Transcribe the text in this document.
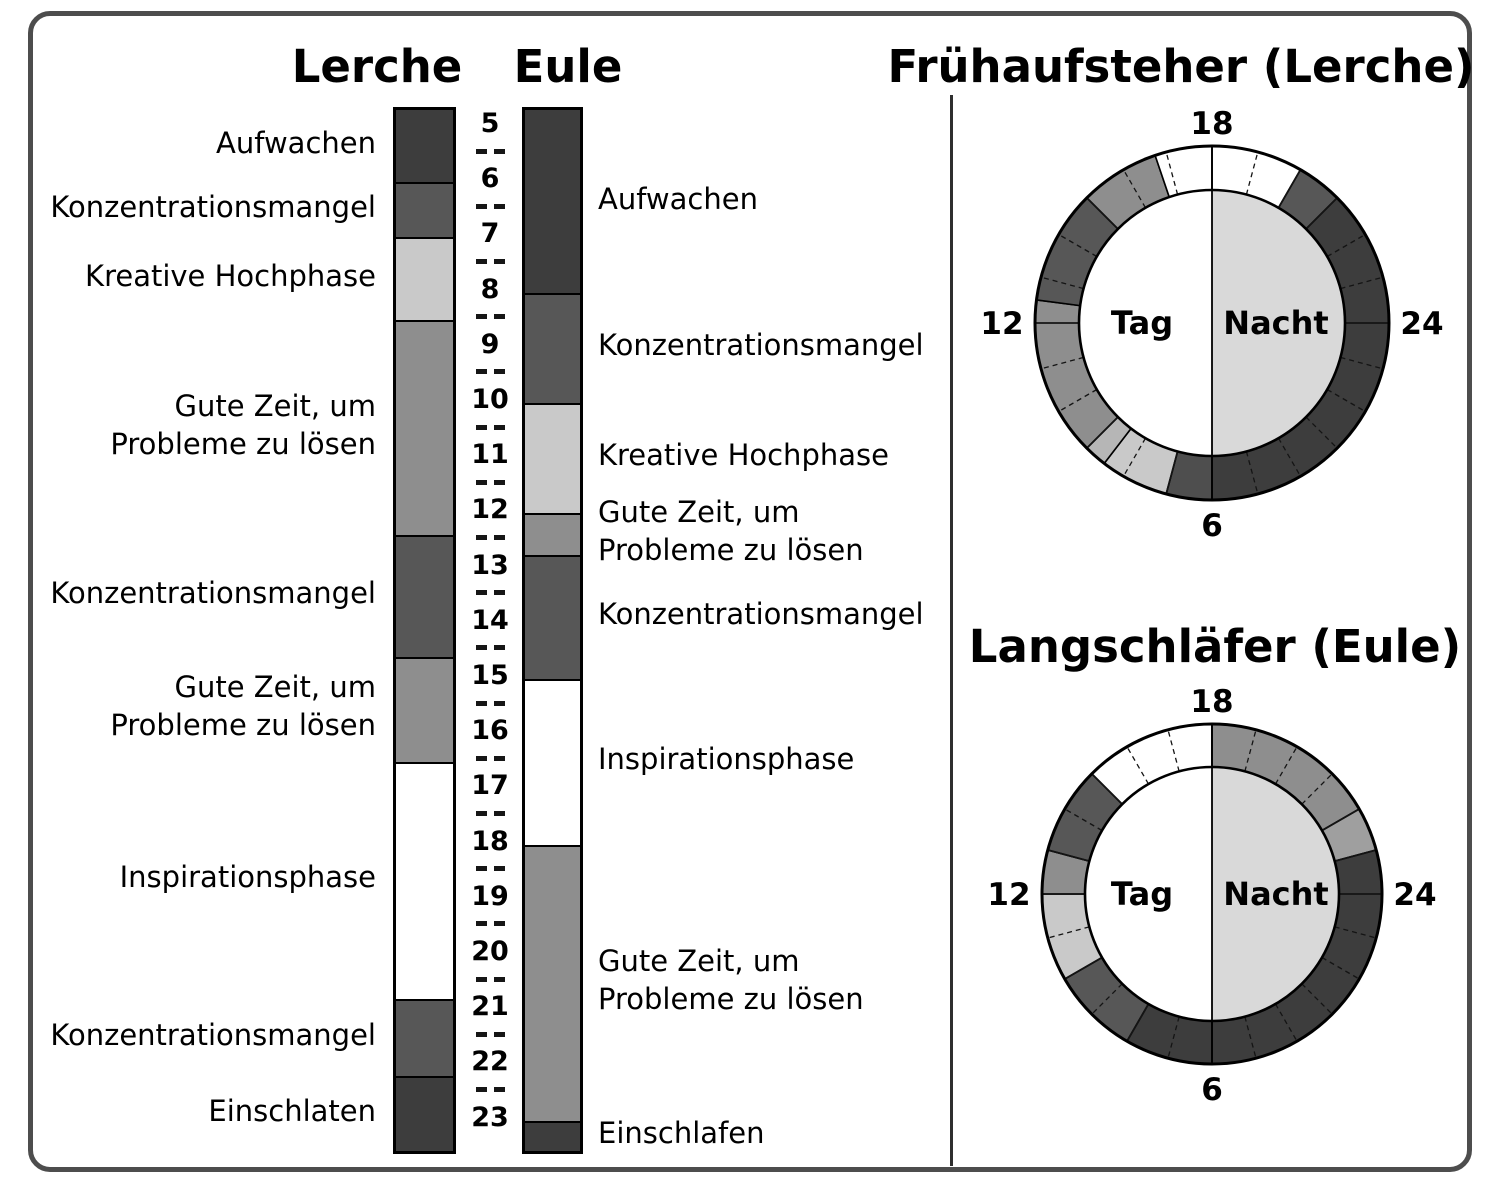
Lerche Eule	Frühaufsteher (Lerche)
Langschläfer (Eule)
Aufwachen
Konzentrationsmangel
Kreative Hochphase
Gute Zeit, um
Probleme zu lösen
Konzentrationsmangel
Gute Zeit, um
Probleme zu lösen
Inspirationsphase
Konzentrationsmangel
Einschlaten
Aufwachen
Konzentrationsmangel
Kreative Hochphase
Gute Zeit, um
Probleme zu lösen
Konzentrationsmangel
Inspirationsphase
Gute Zeit, um
Probleme zu lösen
Einschlafen
5
6
7
8
9
10
11
12
13
14
15
16
17
18
19
20
21
22
23
18
6
24
12	Tag Nacht
18
6
24
12	Tag Nacht
